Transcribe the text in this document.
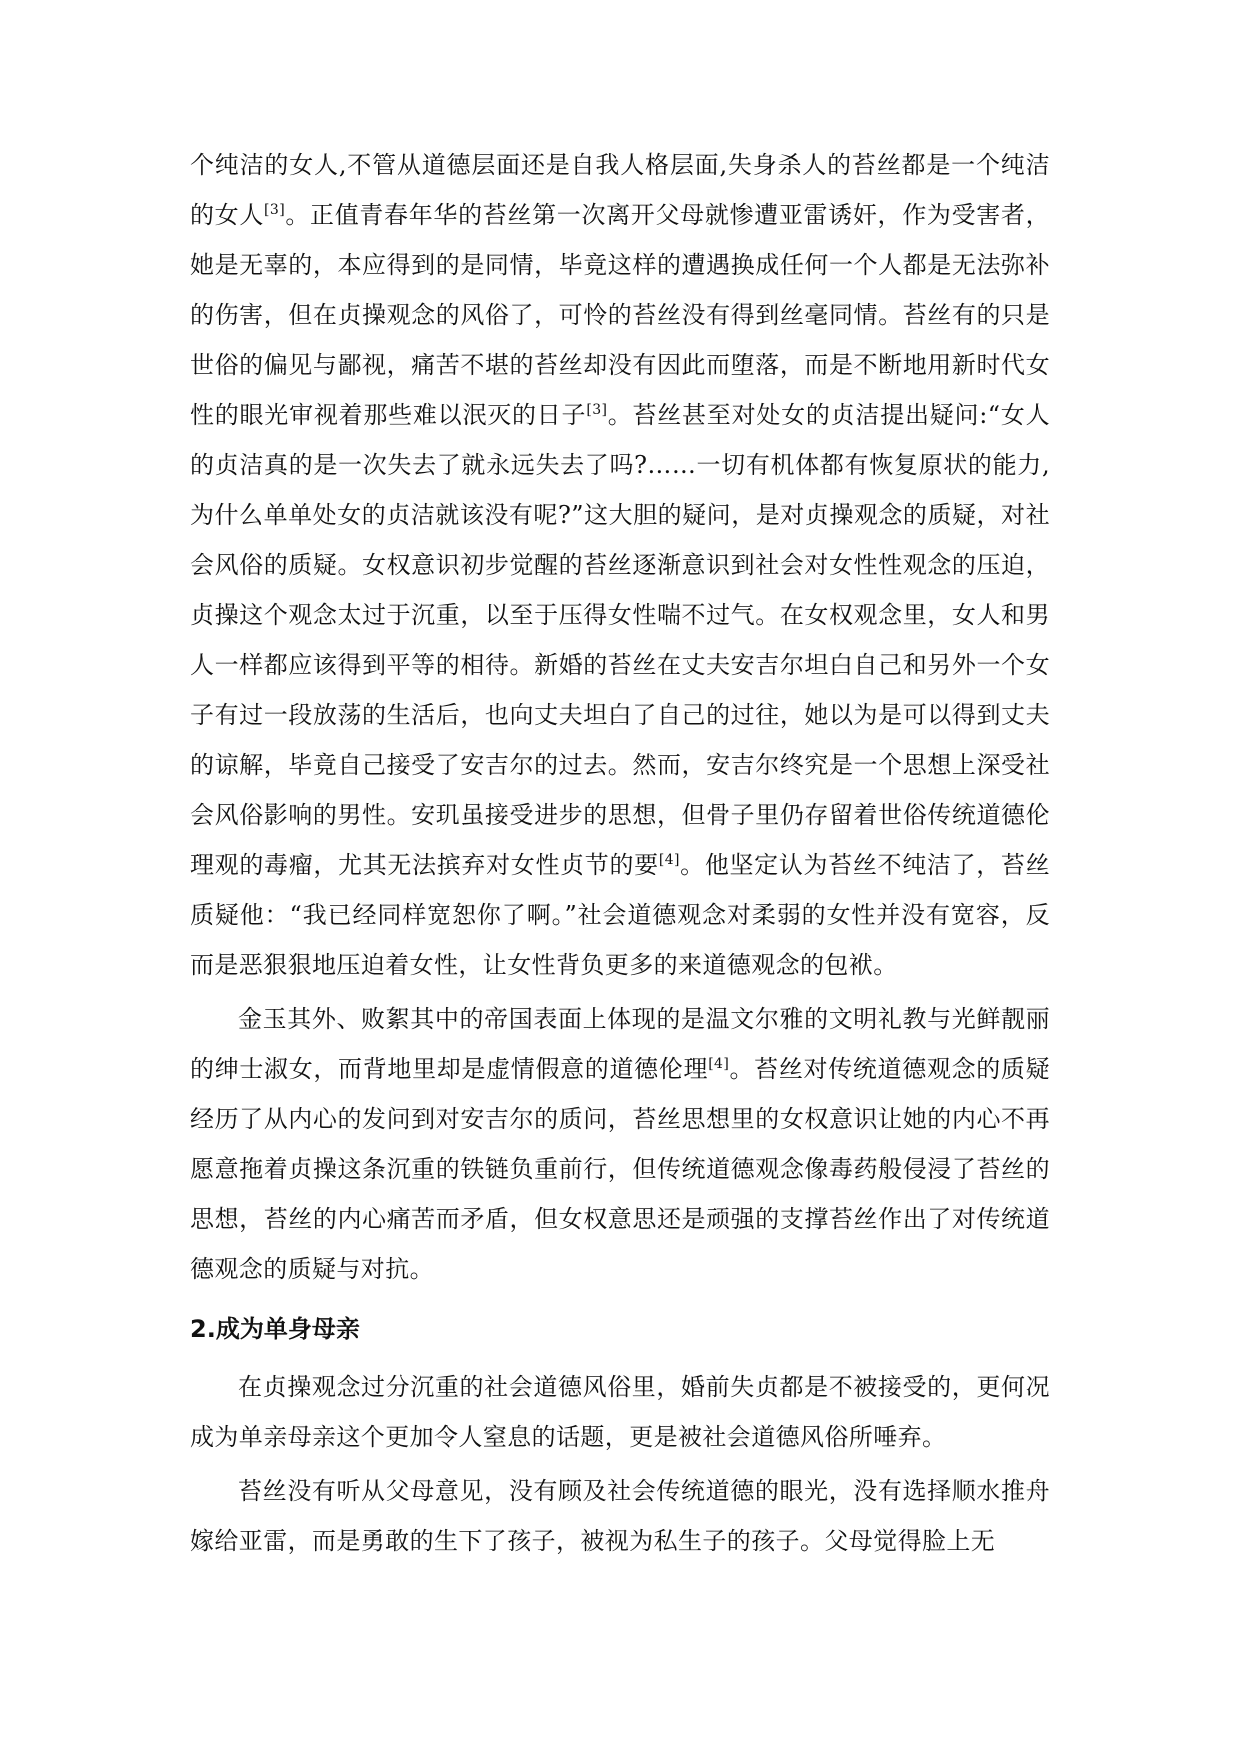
个纯洁的女人,不管从道德层面还是自我人格层面,失身杀人的苔丝都是一个纯洁的女人[3]。正值青春年华的苔丝第一次离开父母就惨遭亚雷诱奸，作为受害者，她是无辜的，本应得到的是同情，毕竟这样的遭遇换成任何一个人都是无法弥补的伤害，但在贞操观念的风俗了，可怜的苔丝没有得到丝毫同情。苔丝有的只是世俗的偏见与鄙视，痛苦不堪的苔丝却没有因此而堕落，而是不断地用新时代女性的眼光审视着那些难以泯灭的日子[3]。苔丝甚至对处女的贞洁提出疑问:“女人的贞洁真的是一次失去了就永远失去了吗?……一切有机体都有恢复原状的能力,为什么单单处女的贞洁就该没有呢?”这大胆的疑问，是对贞操观念的质疑，对社会风俗的质疑。女权意识初步觉醒的苔丝逐渐意识到社会对女性性观念的压迫，贞操这个观念太过于沉重，以至于压得女性喘不过气。在女权观念里，女人和男人一样都应该得到平等的相待。新婚的苔丝在丈夫安吉尔坦白自己和另外一个女子有过一段放荡的生活后，也向丈夫坦白了自己的过往，她以为是可以得到丈夫的谅解，毕竟自己接受了安吉尔的过去。然而，安吉尔终究是一个思想上深受社会风俗影响的男性。安玑虽接受进步的思想，但骨子里仍存留着世俗传统道德伦理观的毒瘤，尤其无法摈弃对女性贞节的要[4]。他坚定认为苔丝不纯洁了，苔丝质疑他：“我已经同样宽恕你了啊。”社会道德观念对柔弱的女性并没有宽容，反而是恶狠狠地压迫着女性，让女性背负更多的来道德观念的包袱。

金玉其外、败絮其中的帝国表面上体现的是温文尔雅的文明礼教与光鲜靓丽的绅士淑女，而背地里却是虚情假意的道德伦理[4]。苔丝对传统道德观念的质疑经历了从内心的发问到对安吉尔的质问，苔丝思想里的女权意识让她的内心不再愿意拖着贞操这条沉重的铁链负重前行，但传统道德观念像毒药般侵浸了苔丝的思想，苔丝的内心痛苦而矛盾，但女权意思还是顽强的支撑苔丝作出了对传统道德观念的质疑与对抗。

2.成为单身母亲

在贞操观念过分沉重的社会道德风俗里，婚前失贞都是不被接受的，更何况成为单亲母亲这个更加令人窒息的话题，更是被社会道德风俗所唾弃。

苔丝没有听从父母意见，没有顾及社会传统道德的眼光，没有选择顺水推舟嫁给亚雷，而是勇敢的生下了孩子，被视为私生子的孩子。父母觉得脸上无
